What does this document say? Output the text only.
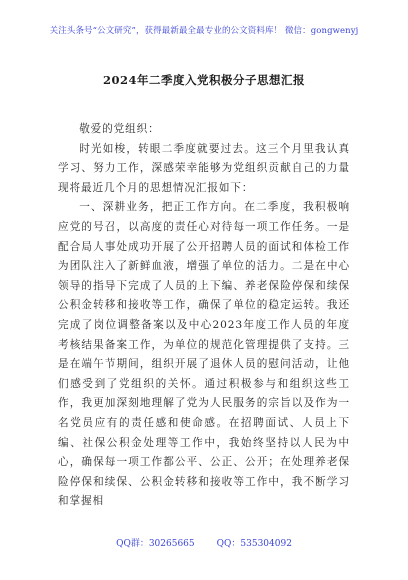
关注头条号“公文研究”，获得最新最全最专业的公文资料库！ 微信：gongwenyj
2024年二季度入党积极分子思想汇报

敬爱的党组织：

时光如梭，转眼二季度就要过去。这三个月里我认真学习、努力工作，深感荣幸能够为党组织贡献自己的力量现将最近几个月的思想情况汇报如下：

一、深耕业务，把正工作方向。在二季度，我积极响应党的号召，以高度的责任心对待每一项工作任务。一是配合局人事处成功开展了公开招聘人员的面试和体检工作为团队注入了新鲜血液，增强了单位的活力。二是在中心领导的指导下完成了人员的上下编、养老保险停保和续保公积金转移和接收等工作，确保了单位的稳定运转。我还完成了岗位调整备案以及中心2023年度工作人员的年度考核结果备案工作，为单位的规范化管理提供了支持。三是在端午节期间，组织开展了退休人员的慰问活动，让他们感受到了党组织的关怀。通过积极参与和组织这些工作，我更加深刻地理解了党为人民服务的宗旨以及作为一名党员应有的责任感和使命感。在招聘面试、人员上下编、社保公积金处理等工作中，我始终坚持以人民为中心，确保每一项工作都公平、公正、公开；在处理养老保险停保和续保、公积金转移和接收等工作中，我不断学习和掌握相

QQ群：30265665 QQ：535304092
